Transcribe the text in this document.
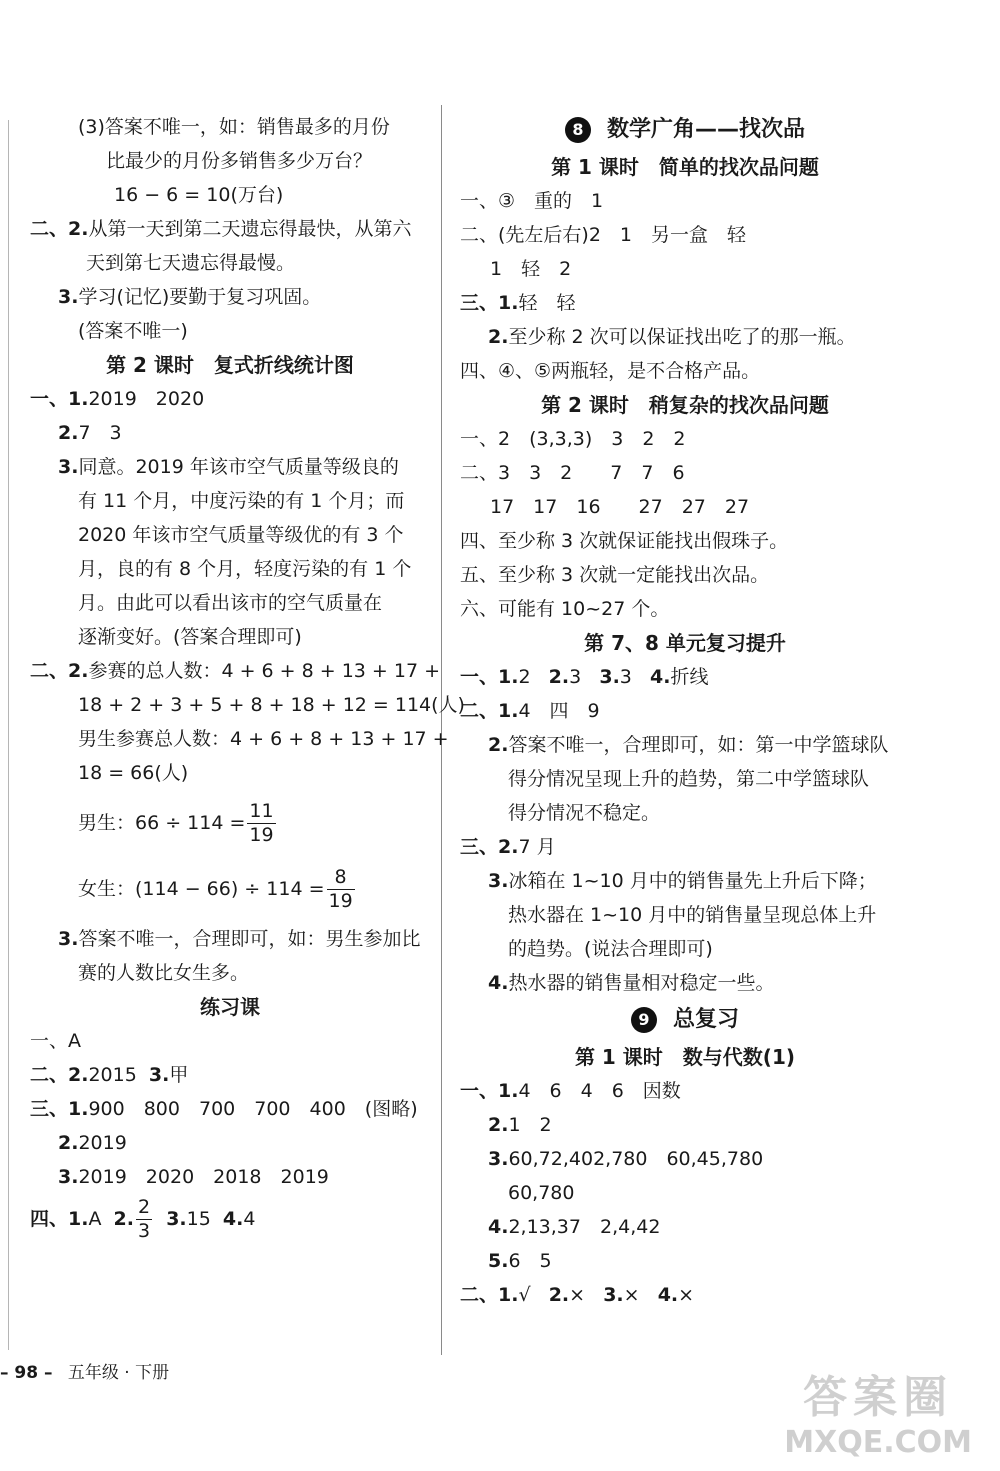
(3)答案不唯一，如：销售最多的月份
比最少的月份多销售多少万台？
16 − 6 = 10(万台)
二、2.从第一天到第二天遗忘得最快，从第六
天到第七天遗忘得最慢。
3.学习(记忆)要勤于复习巩固。
(答案不唯一)
第 2 课时　复式折线统计图
一、1.2019　2020
2.7　3
3.同意。2019 年该市空气质量等级良的
有 11 个月，中度污染的有 1 个月；而
2020 年该市空气质量等级优的有 3 个
月，良的有 8 个月，轻度污染的有 1 个
月。由此可以看出该市的空气质量在
逐渐变好。(答案合理即可)
二、2.参赛的总人数：4 + 6 + 8 + 13 + 17 +
18 + 2 + 3 + 5 + 8 + 18 + 12 = 114(人)
男生参赛总人数：4 + 6 + 8 + 13 + 17 +
18 = 66(人)
男生：$66 \div 114 = \frac{11}{19}$
女生：$(114 - 66) \div 114 = \frac{8}{19}$
3.答案不唯一，合理即可，如：男生参加比
赛的人数比女生多。
练习课
一、A
二、2.2015 3.甲
三、1.900　800　700　700　400　(图略)
2.2019
3.2019　2020　2018　2019
四、1. A
2. $\frac{2}{3}$
3. 15
4. 4
8 数学广角——找次品
第 1 课时　简单的找次品问题
一、③　重的　1
二、(先左后右)2　1　另一盒　轻
1　轻　2
三、1.轻　轻
2.至少称 2 次可以保证找出吃了的那一瓶。
四、④、⑤两瓶轻，是不合格产品。
第 2 课时　稍复杂的找次品问题
一、2　(3,3,3)　3　2　2
二、3　3　2　　7　7　6
17　17　16　　27　27　27
四、至少称 3 次就保证能找出假珠子。
五、至少称 3 次就一定能找出次品。
六、可能有 10~27 个。
第 7、8 单元复习提升
一、1.2 2.3 3.3 4.折线
二、1.4　四　9
2.答案不唯一，合理即可，如：第一中学篮球队
得分情况呈现上升的趋势，第二中学篮球队
得分情况不稳定。
三、2.7 月
3.冰箱在 1~10 月中的销售量先上升后下降；
热水器在 1~10 月中的销售量呈现总体上升
的趋势。(说法合理即可)
4.热水器的销售量相对稳定一些。
9 总复习
第 1 课时　数与代数(1)
一、1.4　6　4　6　因数
2.1　2
3.60,72,402,780　60,45,780
60,780
4.2,13,37　2,4,42
5.6　5
二、1.√ 2.× 3.× 4.×
– 98 – 五年级 · 下册	答案圈
MXQE.COM
